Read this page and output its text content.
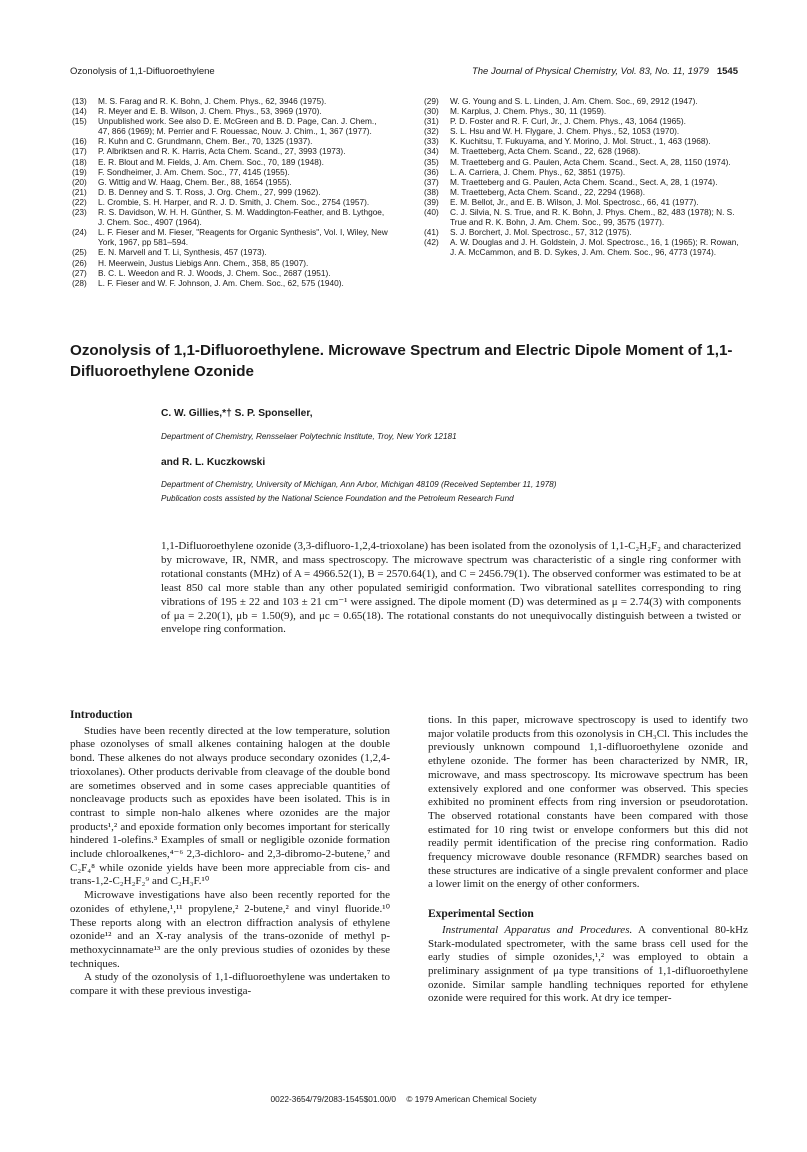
Ozonolysis of 1,1-Difluoroethylene	The Journal of Physical Chemistry, Vol. 83, No. 11, 1979 1545
(13)	M. S. Farag and R. K. Bohn, J. Chem. Phys., 62, 3946 (1975).
(14)	R. Meyer and E. B. Wilson, J. Chem. Phys., 53, 3969 (1970).
(15)	Unpublished work. See also D. E. McGreen and B. D. Page, Can. J. Chem., 47, 866 (1969); M. Perrier and F. Rouessac, Nouv. J. Chim., 1, 367 (1977).
(16)	R. Kuhn and C. Grundmann, Chem. Ber., 70, 1325 (1937).
(17)	P. Albriktsen and R. K. Harris, Acta Chem. Scand., 27, 3993 (1973).
(18)	E. R. Blout and M. Fields, J. Am. Chem. Soc., 70, 189 (1948).
(19)	F. Sondheimer, J. Am. Chem. Soc., 77, 4145 (1955).
(20)	G. Wittig and W. Haag, Chem. Ber., 88, 1654 (1955).
(21)	D. B. Denney and S. T. Ross, J. Org. Chem., 27, 999 (1962).
(22)	L. Crombie, S. H. Harper, and R. J. D. Smith, J. Chem. Soc., 2754 (1957).
(23)	R. S. Davidson, W. H. H. Günther, S. M. Waddington-Feather, and B. Lythgoe, J. Chem. Soc., 4907 (1964).
(24)	L. F. Fieser and M. Fieser, "Reagents for Organic Synthesis", Vol. I, Wiley, New York, 1967, pp 581–594.
(25)	E. N. Marvell and T. Li, Synthesis, 457 (1973).
(26)	H. Meerwein, Justus Liebigs Ann. Chem., 358, 85 (1907).
(27)	B. C. L. Weedon and R. J. Woods, J. Chem. Soc., 2687 (1951).
(28)	L. F. Fieser and W. F. Johnson, J. Am. Chem. Soc., 62, 575 (1940).
(29)	W. G. Young and S. L. Linden, J. Am. Chem. Soc., 69, 2912 (1947).
(30)	M. Karplus, J. Chem. Phys., 30, 11 (1959).
(31)	P. D. Foster and R. F. Curl, Jr., J. Chem. Phys., 43, 1064 (1965).
(32)	S. L. Hsu and W. H. Flygare, J. Chem. Phys., 52, 1053 (1970).
(33)	K. Kuchitsu, T. Fukuyama, and Y. Morino, J. Mol. Struct., 1, 463 (1968).
(34)	M. Traetteberg, Acta Chem. Scand., 22, 628 (1968).
(35)	M. Traetteberg and G. Paulen, Acta Chem. Scand., Sect. A, 28, 1150 (1974).
(36)	L. A. Carriera, J. Chem. Phys., 62, 3851 (1975).
(37)	M. Traetteberg and G. Paulen, Acta Chem. Scand., Sect. A, 28, 1 (1974).
(38)	M. Traetteberg, Acta Chem. Scand., 22, 2294 (1968).
(39)	E. M. Bellot, Jr., and E. B. Wilson, J. Mol. Spectrosc., 66, 41 (1977).
(40)	C. J. Silvia, N. S. True, and R. K. Bohn, J. Phys. Chem., 82, 483 (1978); N. S. True and R. K. Bohn, J. Am. Chem. Soc., 99, 3575 (1977).
(41)	S. J. Borchert, J. Mol. Spectrosc., 57, 312 (1975).
(42)	A. W. Douglas and J. H. Goldstein, J. Mol. Spectrosc., 16, 1 (1965); R. Rowan, J. A. McCammon, and B. D. Sykes, J. Am. Chem. Soc., 96, 4773 (1974).
Ozonolysis of 1,1-Difluoroethylene. Microwave Spectrum and Electric Dipole Moment of 1,1-Difluoroethylene Ozonide
C. W. Gillies,*† S. P. Sponseller,
Department of Chemistry, Rensselaer Polytechnic Institute, Troy, New York 12181
and R. L. Kuczkowski
Department of Chemistry, University of Michigan, Ann Arbor, Michigan 48109 (Received September 11, 1978)
Publication costs assisted by the National Science Foundation and the Petroleum Research Fund

1,1-Difluoroethylene ozonide (3,3-difluoro-1,2,4-trioxolane) has been isolated from the ozonolysis of 1,1-C₂H₂F₂ and characterized by microwave, IR, NMR, and mass spectroscopy. The microwave spectrum was characteristic of a single ring conformer with rotational constants (MHz) of A = 4966.52(1), B = 2570.64(1), and C = 2456.79(1). The observed conformer was estimated to be at least 850 cal more stable than any other populated semirigid conformation. Two vibrational satellites corresponding to ring vibrations of 195 ± 22 and 103 ± 21 cm⁻¹ were assigned. The dipole moment (D) was determined as μ = 2.74(3) with components of μa = 2.20(1), μb = 1.50(9), and μc = 0.65(18). The rotational constants do not unequivocally distinguish between a twisted or envelope ring conformation.

Introduction

Studies have been recently directed at the low temperature, solution phase ozonolyses of small alkenes containing halogen at the double bond. These alkenes do not always produce secondary ozonides (1,2,4-trioxolanes). Other products derivable from cleavage of the double bond are sometimes observed and in some cases appreciable quantities of noncleavage products such as epoxides have been isolated. This is in contrast to simple non-halo alkenes where ozonides are the major products¹,² and epoxide formation only becomes important for sterically hindered 1-olefins.³ Examples of small or negligible ozonide formation include chloroalkenes,⁴⁻⁶ 2,3-dichloro- and 2,3-dibromo-2-butene,⁷ and C₂F₄⁸ while ozonide yields have been more appreciable from cis- and trans-1,2-C₂H₂F₂⁹ and C₂H₃F.¹⁰

Microwave investigations have also been recently reported for the ozonides of ethylene,¹,¹¹ propylene,² 2-butene,² and vinyl fluoride.¹⁰ These reports along with an electron diffraction analysis of ethylene ozonide¹² and an X-ray analysis of the trans-ozonide of methyl p-methoxycinnamate¹³ are the only previous studies of ozonides by these techniques.

A study of the ozonolysis of 1,1-difluoroethylene was undertaken to compare it with these previous investiga-

tions. In this paper, microwave spectroscopy is used to identify two major volatile products from this ozonolysis in CH₃Cl. This includes the previously unknown compound 1,1-difluoroethylene ozonide and ethylene ozonide. The former has been characterized by NMR, IR, microwave, and mass spectroscopy. Its microwave spectrum has been extensively explored and one conformer was observed. This species exhibited no prominent effects from ring inversion or pseudorotation. The observed rotational constants have been compared with those estimated for 10 ring twist or envelope conformers but this did not readily permit identification of the precise ring conformation. Radio frequency microwave double resonance (RFMDR) searches based on these structures are indicative of a single prevalent conformer and place a lower limit on the energy of other conformers.

Experimental Section

Instrumental Apparatus and Procedures. A conventional 80-kHz Stark-modulated spectrometer, with the same brass cell used for the early studies of simple ozonides,¹,² was employed to obtain a preliminary assignment of μa type transitions of 1,1-difluoroethylene ozonide. Similar sample handling techniques reported for ethylene ozonide were required for this work. At dry ice temper-

0022-3654/79/2083-1545$01.00/0 © 1979 American Chemical Society
